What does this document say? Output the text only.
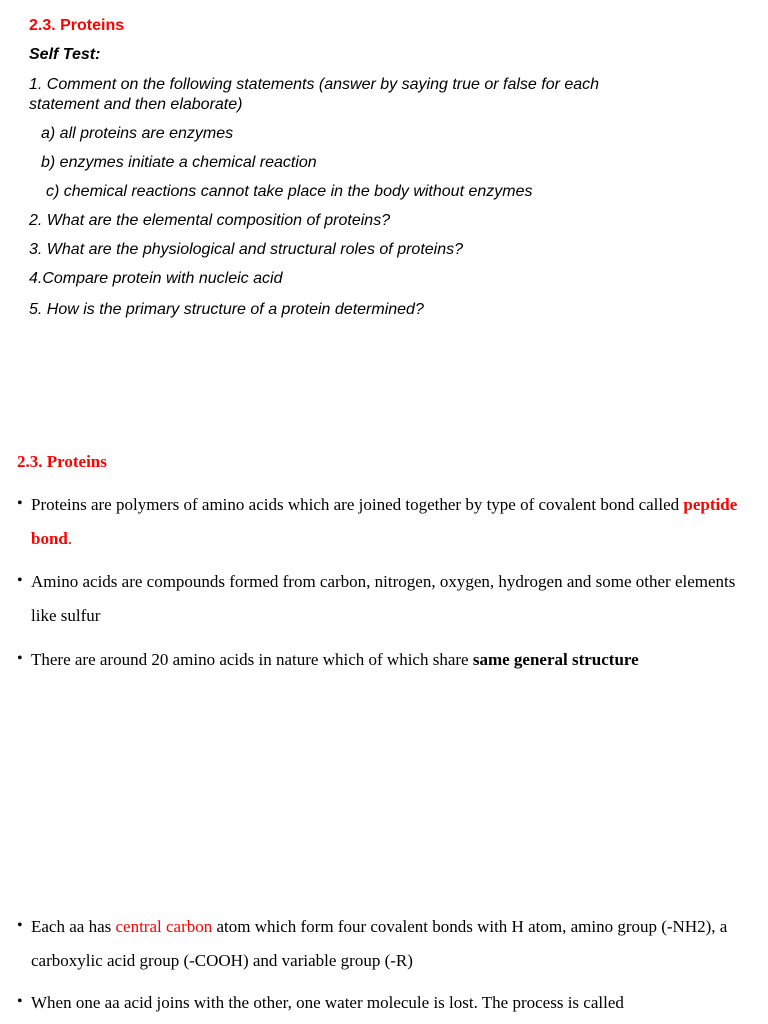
2.3. Proteins
Self Test:
1. Comment on the following statements (answer by saying true or false for each
statement and then elaborate)
a) all proteins are enzymes
b) enzymes initiate a chemical reaction
c) chemical reactions cannot take place in the body without enzymes
2. What are the elemental composition of proteins?
3. What are the physiological and structural roles of proteins?
4.Compare protein with nucleic acid
5. How is the primary structure of a protein determined?
2.3. Proteins
• Proteins are polymers of amino acids which are joined together by type of covalent bond called peptide bond.
• Amino acids are compounds formed from carbon, nitrogen, oxygen, hydrogen and some other elements like sulfur
• There are around 20 amino acids in nature which of which share same general structure
• Each aa has central carbon atom which form four covalent bonds with H atom, amino group (-NH2), a carboxylic acid group (-COOH) and variable group (-R)
• When one aa acid joins with the other, one water molecule is lost. The process is called
